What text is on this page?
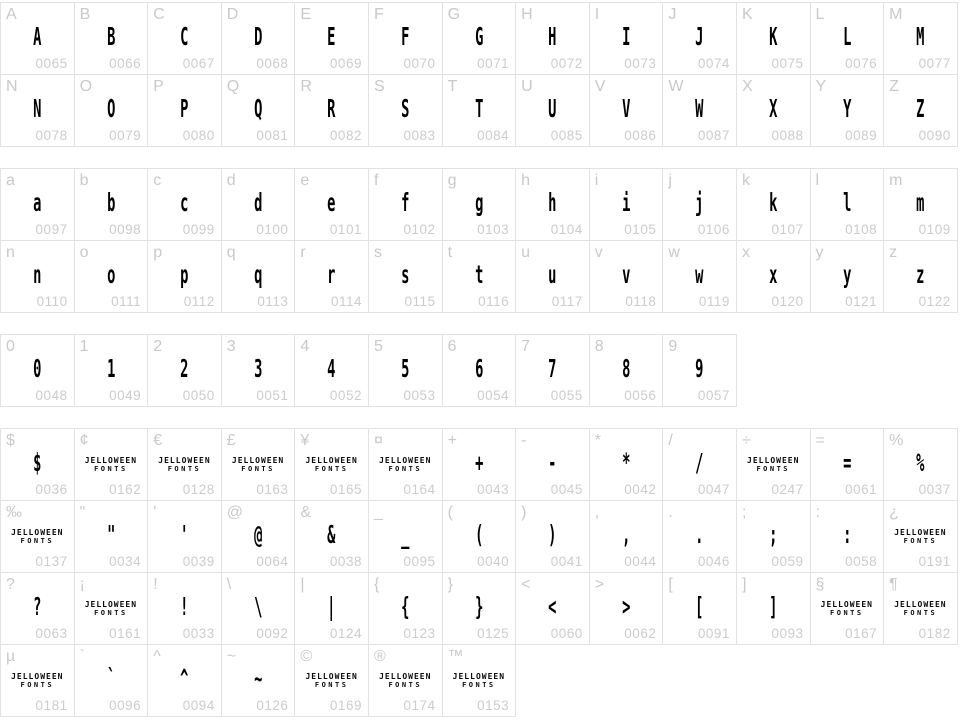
A
A
0065
B
B
0066
C
C
0067
D
D
0068
E
E
0069
F
F
0070
G
G
0071
H
H
0072
I
I
0073
J
J
0074
K
K
0075
L
L
0076
M
M
0077
N
N
0078
O
O
0079
P
P
0080
Q
Q
0081
R
R
0082
S
S
0083
T
T
0084
U
U
0085
V
V
0086
W
W
0087
X
X
0088
Y
Y
0089
Z
Z
0090
a
a
0097
b
b
0098
c
c
0099
d
d
0100
e
e
0101
f
f
0102
g
g
0103
h
h
0104
i
i
0105
j
j
0106
k
k
0107
l
l
0108
m
m
0109
n
n
0110
o
o
0111
p
p
0112
q
q
0113
r
r
0114
s
s
0115
t
t
0116
u
u
0117
v
v
0118
w
w
0119
x
x
0120
y
y
0121
z
z
0122
0
0
0048
1
1
0049
2
2
0050
3
3
0051
4
4
0052
5
5
0053
6
6
0054
7
7
0055
8
8
0056
9
9
0057
$
$
0036
¢
JELLOWEEN
FONTS
0162
€
JELLOWEEN
FONTS
0128
£
JELLOWEEN
FONTS
0163
¥
JELLOWEEN
FONTS
0165
¤
JELLOWEEN
FONTS
0164
+
+
0043
-
-
0045
*
*
0042
/
/
0047
÷
JELLOWEEN
FONTS
0247
=
=
0061
%
%
0037
‰
JELLOWEEN
FONTS
0137
"
"
0034
'
'
0039
@
@
0064
&
&
0038
_
_
0095
(
(
0040
)
)
0041
,
,
0044
.
.
0046
;
;
0059
:
:
0058
¿
JELLOWEEN
FONTS
0191
?
?
0063
¡
JELLOWEEN
FONTS
0161
!
!
0033
\
\
0092
|
|
0124
{
{
0123
}
}
0125
<
<
0060
>
>
0062
[
[
0091
]
]
0093
§
JELLOWEEN
FONTS
0167
¶
JELLOWEEN
FONTS
0182
µ
JELLOWEEN
FONTS
0181
`
`
0096
^
^
0094
~
~
0126
©
JELLOWEEN
FONTS
0169
®
JELLOWEEN
FONTS
0174
™
JELLOWEEN
FONTS
0153
